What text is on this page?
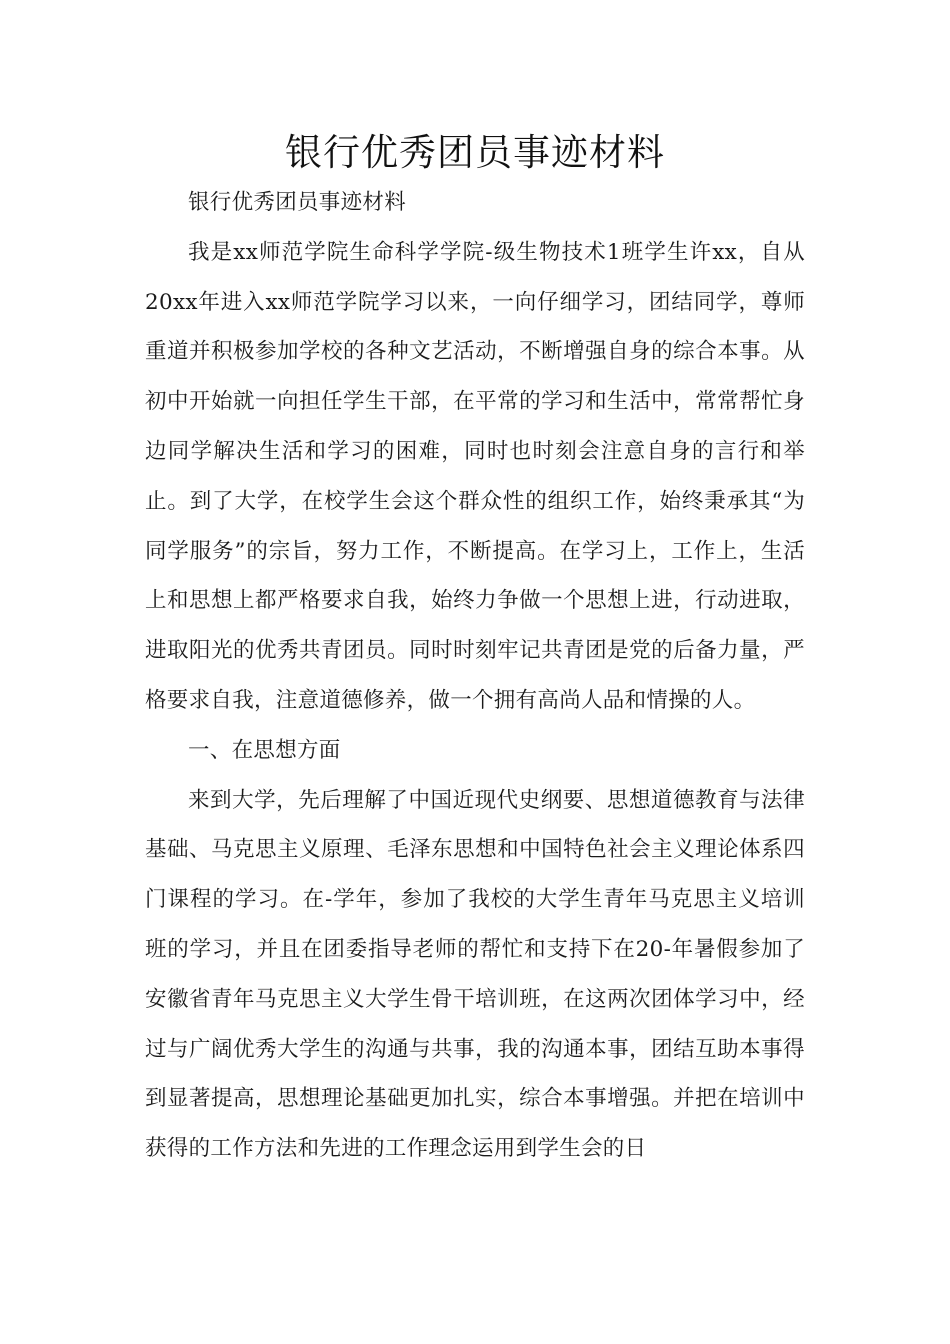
银行优秀团员事迹材料

银行优秀团员事迹材料

我是xx师范学院生命科学学院-级生物技术1班学生许xx，自从20xx年进入xx师范学院学习以来，一向仔细学习，团结同学，尊师重道并积极参加学校的各种文艺活动，不断增强自身的综合本事。从初中开始就一向担任学生干部，在平常的学习和生活中，常常帮忙身边同学解决生活和学习的困难，同时也时刻会注意自身的言行和举止。到了大学，在校学生会这个群众性的组织工作，始终秉承其“为同学服务”的宗旨，努力工作，不断提高。在学习上，工作上，生活上和思想上都严格要求自我，始终力争做一个思想上进，行动进取，进取阳光的优秀共青团员。同时时刻牢记共青团是党的后备力量，严格要求自我，注意道德修养，做一个拥有高尚人品和情操的人。

一、在思想方面

来到大学，先后理解了中国近现代史纲要、思想道德教育与法律基础、马克思主义原理、毛泽东思想和中国特色社会主义理论体系四门课程的学习。在-学年，参加了我校的大学生青年马克思主义培训班的学习，并且在团委指导老师的帮忙和支持下在20-年暑假参加了安徽省青年马克思主义大学生骨干培训班，在这两次团体学习中，经过与广阔优秀大学生的沟通与共事，我的沟通本事，团结互助本事得到显著提高，思想理论基础更加扎实，综合本事增强。并把在培训中获得的工作方法和先进的工作理念运用到学生会的日
